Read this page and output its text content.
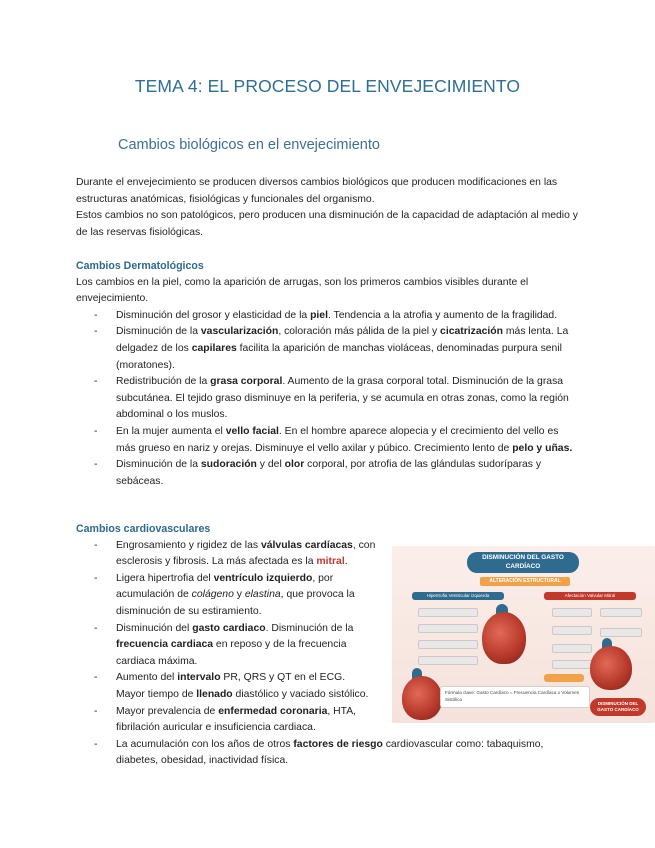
TEMA 4: EL PROCESO DEL ENVEJECIMIENTO
Cambios biológicos en el envejecimiento
Durante el envejecimiento se producen diversos cambios biológicos que producen modificaciones en las estructuras anatómicas, fisiológicas y funcionales del organismo.
Estos cambios no son patológicos, pero producen una disminución de la capacidad de adaptación al medio y de las reservas fisiológicas.
Cambios Dermatológicos
Los cambios en la piel, como la aparición de arrugas, son los primeros cambios visibles durante el envejecimiento.
- Disminución del grosor y elasticidad de la piel. Tendencia a la atrofia y aumento de la fragilidad.
- Disminución de la vascularización, coloración más pálida de la piel y cicatrización más lenta. La delgadez de los capilares facilita la aparición de manchas violáceas, denominadas purpura senil (moratones).
- Redistribución de la grasa corporal. Aumento de la grasa corporal total. Disminución de la grasa subcutánea. El tejido graso disminuye en la periferia, y se acumula en otras zonas, como la región abdominal o los muslos.
- En la mujer aumenta el vello facial. En el hombre aparece alopecia y el crecimiento del vello es más grueso en nariz y orejas. Disminuye el vello axilar y púbico. Crecimiento lento de pelo y uñas.
- Disminución de la sudoración y del olor corporal, por atrofia de las glándulas sudoríparas y sebáceas.
Cambios cardiovasculares
- Engrosamiento y rigidez de las válvulas cardíacas, con esclerosis y fibrosis. La más afectada es la mitral.
- Ligera hipertrofia del ventrículo izquierdo, por acumulación de colágeno y elastina, que provoca la disminución de su estiramiento.
- Disminución del gasto cardiaco. Disminución de la frecuencia cardiaca en reposo y de la frecuencia cardiaca máxima.
- Aumento del intervalo PR, QRS y QT en el ECG. Mayor tiempo de llenado diastólico y vaciado sistólico.
- Mayor prevalencia de enfermedad coronaria, HTA, fibrilación auricular e insuficiencia cardiaca.
- La acumulación con los años de otros factores de riesgo cardiovascular como: tabaquismo, diabetes, obesidad, inactividad física.
DISMINUCIÓN DEL GASTO CARDÍACO
ALTERACIÓN ESTRUCTURAL
Hipertrofia Ventricular izquierda	Afectación Valvular Mitral
Fórmula clave: Gasto Cardíaco = Frecuencia Cardíaca x Volumen Sistólico
DISMINUCIÓN DEL GASTO CARDÍACO
